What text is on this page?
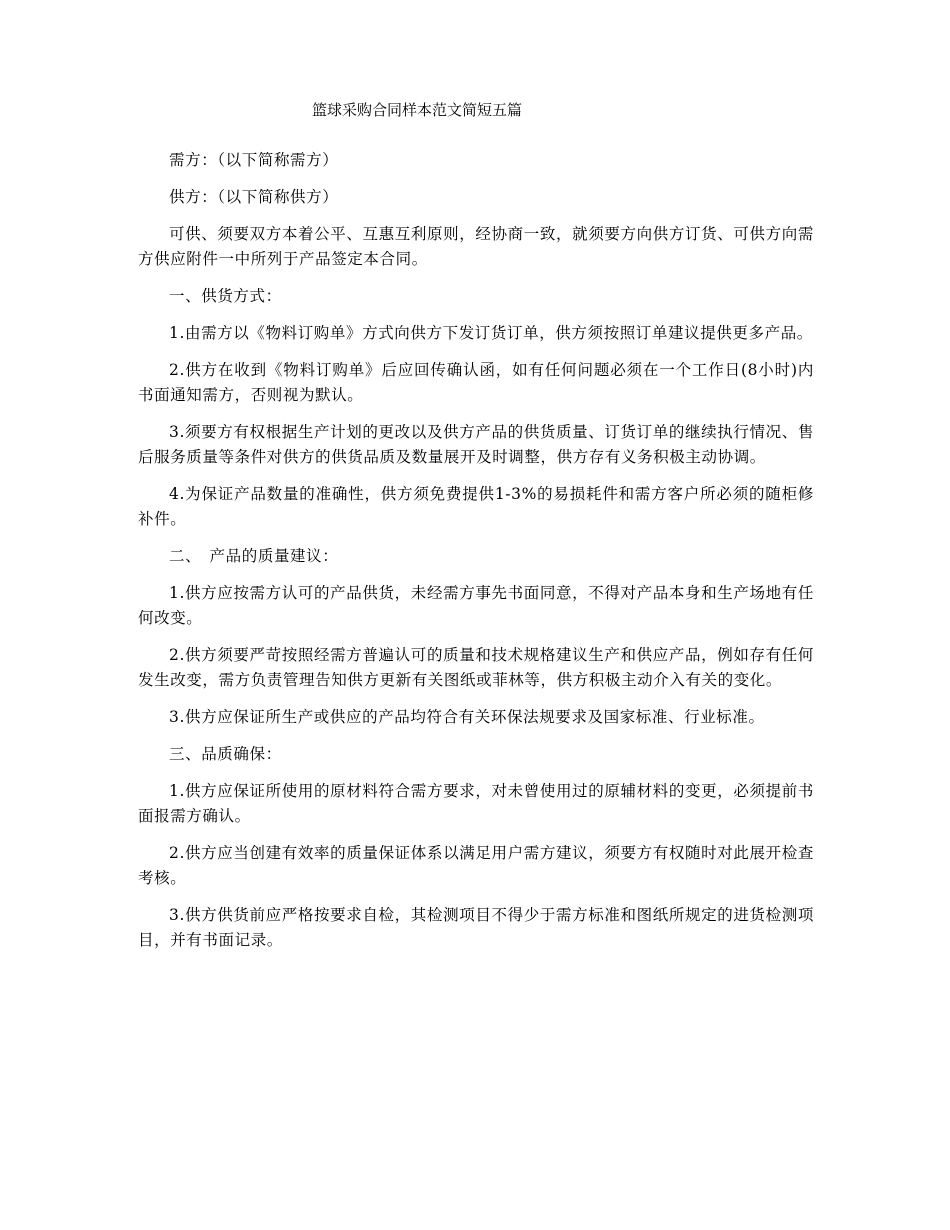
篮球采购合同样本范文简短五篇

需方：（以下简称需方）

供方：（以下简称供方）

可供、须要双方本着公平、互惠互利原则，经协商一致，就须要方向供方订货、可供方向需方供应附件一中所列于产品签定本合同。

一、供货方式：

1.由需方以《物料订购单》方式向供方下发订货订单，供方须按照订单建议提供更多产品。

2.供方在收到《物料订购单》后应回传确认函，如有任何问题必须在一个工作日(8小时)内书面通知需方，否则视为默认。

3.须要方有权根据生产计划的更改以及供方产品的供货质量、订货订单的继续执行情况、售后服务质量等条件对供方的供货品质及数量展开及时调整，供方存有义务积极主动协调。

4.为保证产品数量的准确性，供方须免费提供1-3%的易损耗件和需方客户所必须的随柜修补件。

二、　产品的质量建议：

1.供方应按需方认可的产品供货，未经需方事先书面同意，不得对产品本身和生产场地有任何改变。

2.供方须要严苛按照经需方普遍认可的质量和技术规格建议生产和供应产品，例如存有任何发生改变，需方负责管理告知供方更新有关图纸或菲林等，供方积极主动介入有关的变化。

3.供方应保证所生产或供应的产品均符合有关环保法规要求及国家标准、行业标准。

三、品质确保：

1.供方应保证所使用的原材料符合需方要求，对未曾使用过的原辅材料的变更，必须提前书面报需方确认。

2.供方应当创建有效率的质量保证体系以满足用户需方建议，须要方有权随时对此展开检查考核。

3.供方供货前应严格按要求自检，其检测项目不得少于需方标准和图纸所规定的进货检测项目，并有书面记录。
